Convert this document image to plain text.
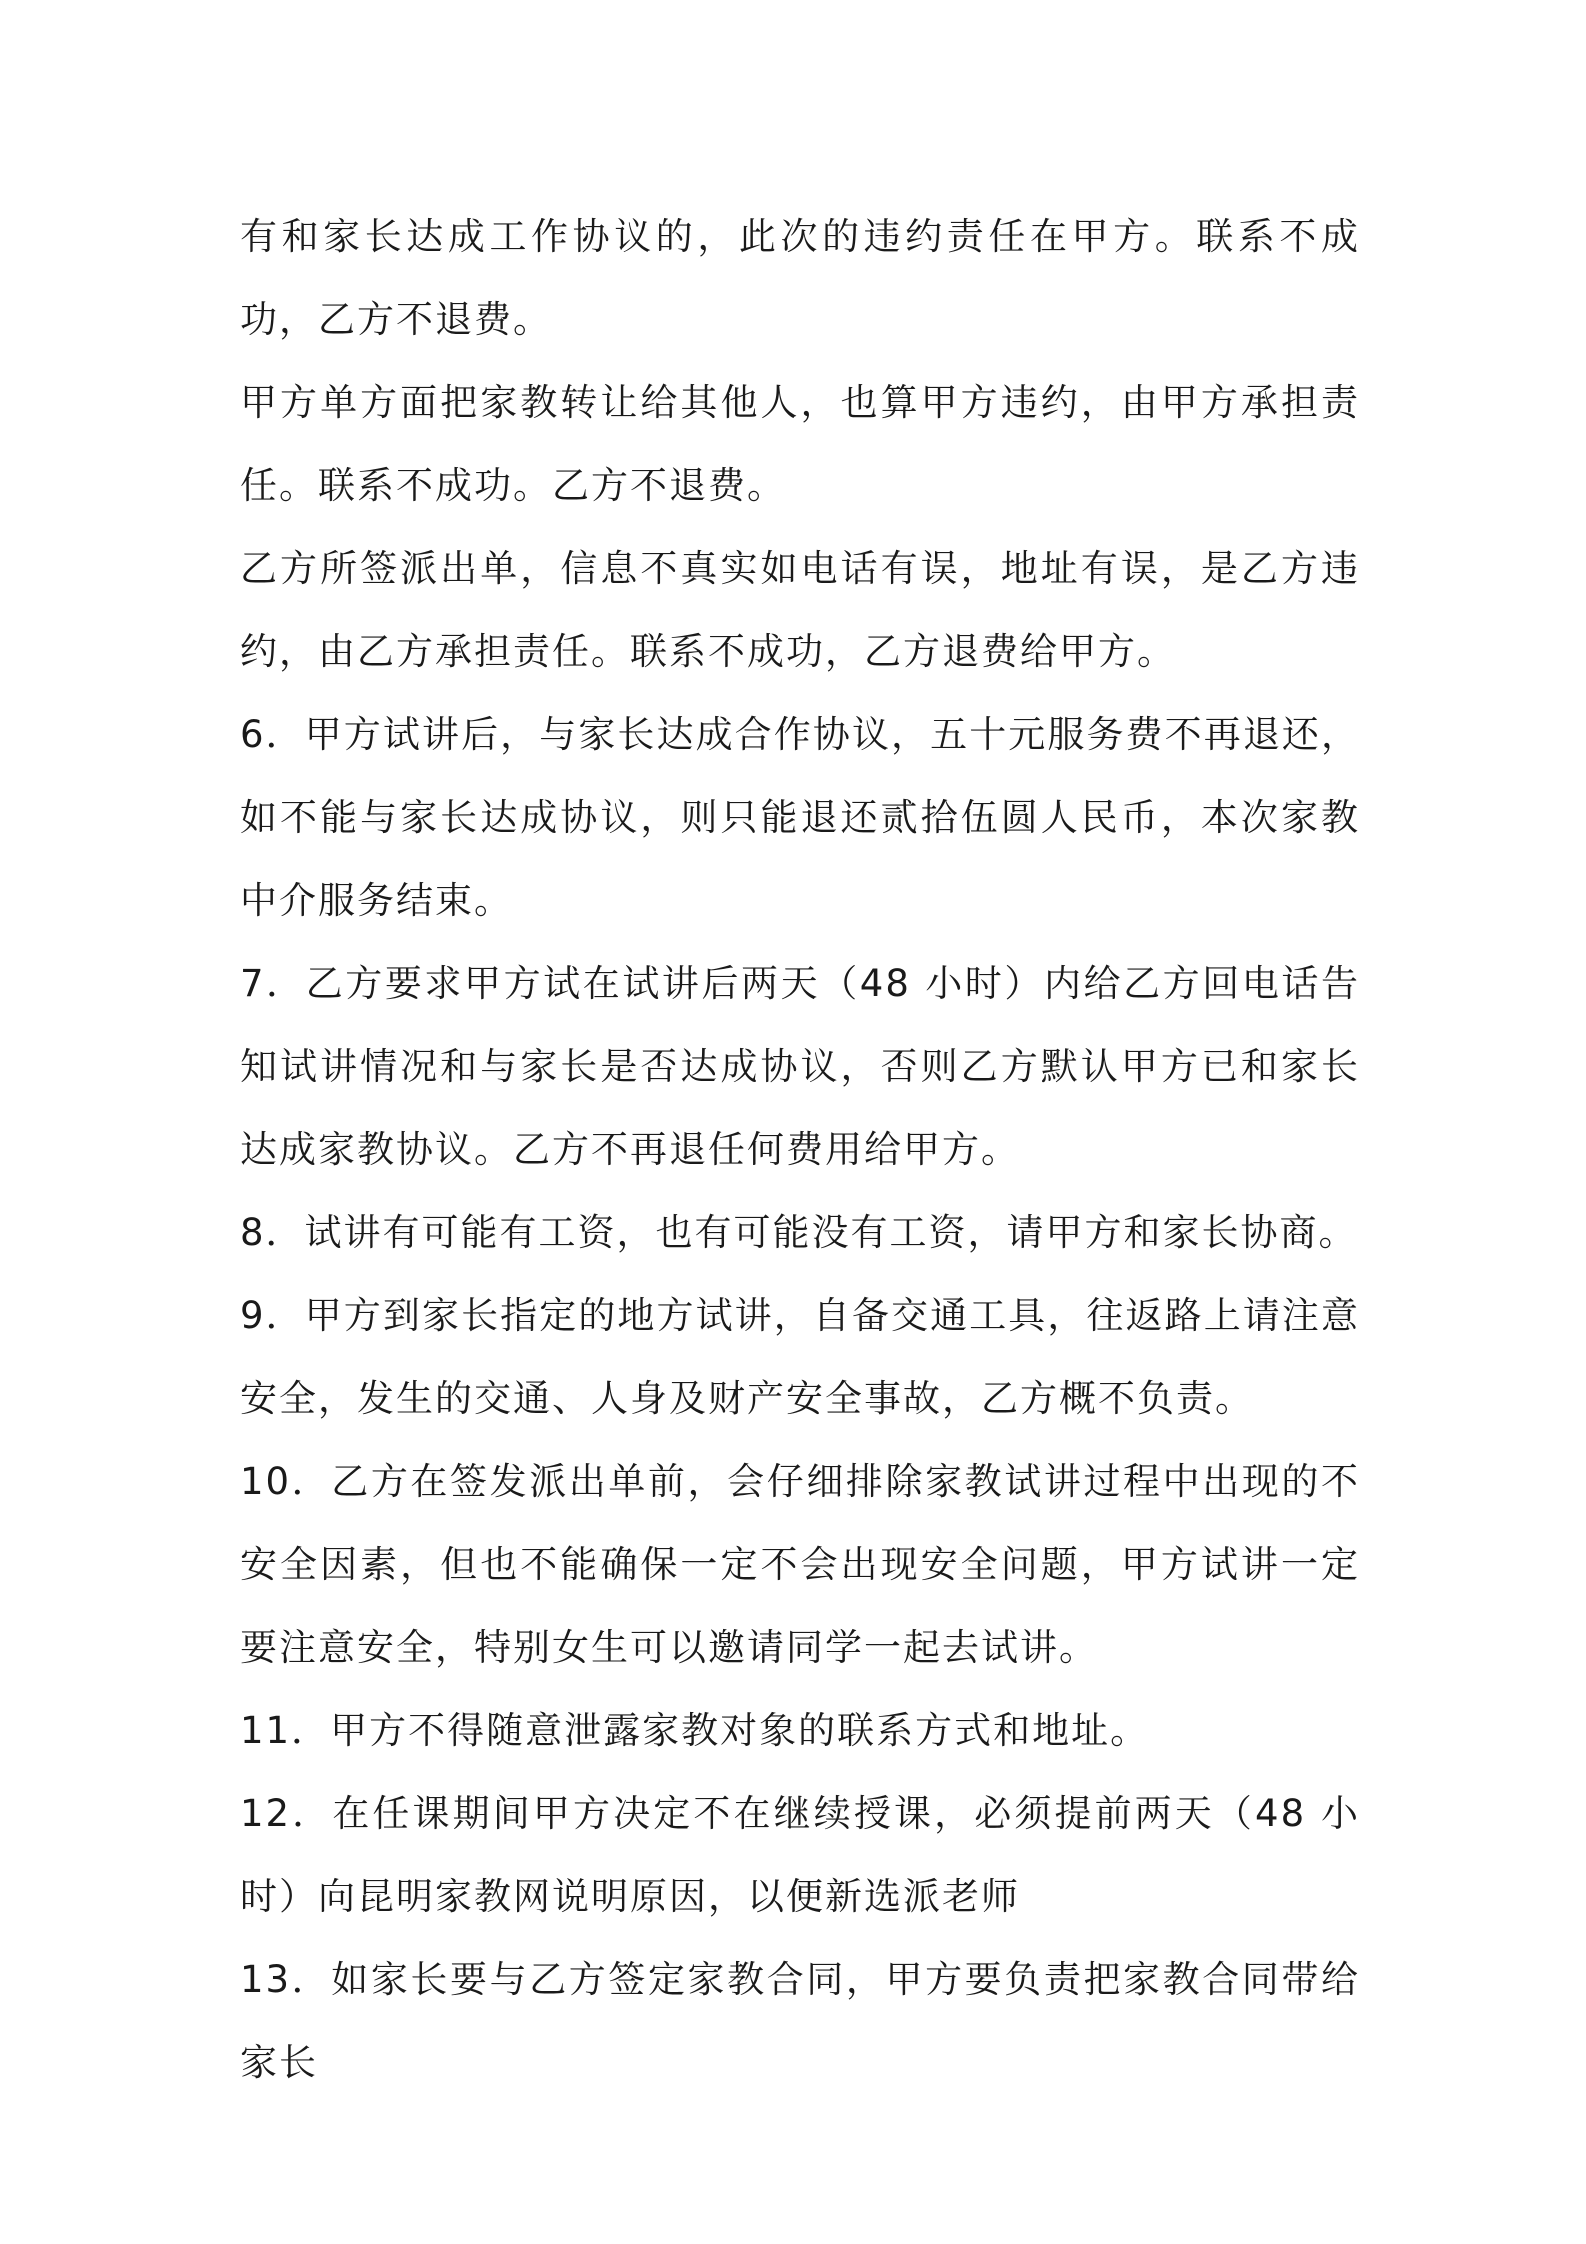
有和家长达成工作协议的，此次的违约责任在甲方。联系不成功，乙方不退费。

甲方单方面把家教转让给其他人，也算甲方违约，由甲方承担责任。联系不成功。乙方不退费。

乙方所签派出单，信息不真实如电话有误，地址有误，是乙方违约，由乙方承担责任。联系不成功，乙方退费给甲方。

6．甲方试讲后，与家长达成合作协议，五十元服务费不再退还，如不能与家长达成协议，则只能退还贰拾伍圆人民币，本次家教中介服务结束。

7．乙方要求甲方试在试讲后两天（48 小时）内给乙方回电话告知试讲情况和与家长是否达成协议，否则乙方默认甲方已和家长达成家教协议。乙方不再退任何费用给甲方。

8．试讲有可能有工资，也有可能没有工资，请甲方和家长协商。

9．甲方到家长指定的地方试讲，自备交通工具，往返路上请注意安全，发生的交通、人身及财产安全事故，乙方概不负责。

10．乙方在签发派出单前，会仔细排除家教试讲过程中出现的不安全因素，但也不能确保一定不会出现安全问题，甲方试讲一定要注意安全，特别女生可以邀请同学一起去试讲。

11．甲方不得随意泄露家教对象的联系方式和地址。

12．在任课期间甲方决定不在继续授课，必须提前两天（48 小时）向昆明家教网说明原因，以便新选派老师

13．如家长要与乙方签定家教合同，甲方要负责把家教合同带给家长
